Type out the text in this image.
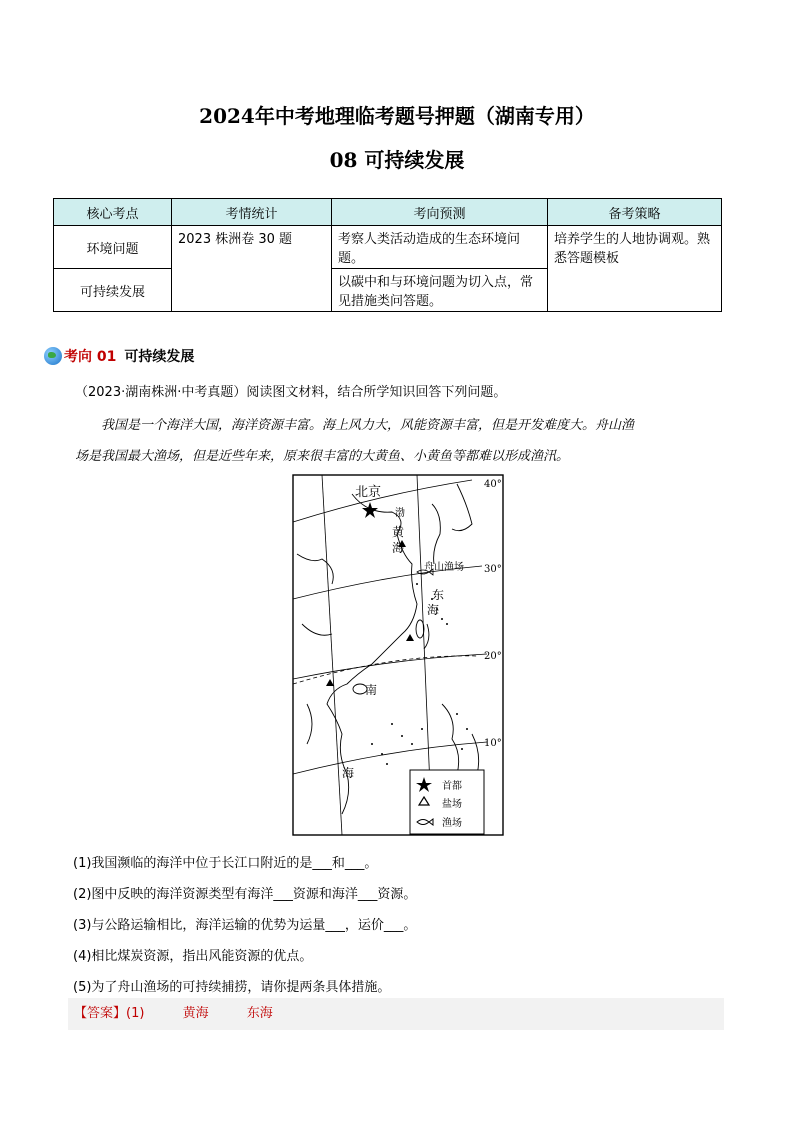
2024年中考地理临考题号押题（湖南专用）
08 可持续发展
核心考点	考情统计	考向预测	备考策略
环境问题	2023 株洲卷 30 题	考察人类活动造成的生态环境问题。	培养学生的人地协调观。熟悉答题模板
可持续发展		以碳中和与环境问题为切入点，常见措施类问答题。	
考向 01 可持续发展
（2023·湖南株洲·中考真题）阅读图文材料，结合所学知识回答下列问题。
我国是一个海洋大国，海洋资源丰富。海上风力大，风能资源丰富，但是开发难度大。舟山渔
场是我国最大渔场，但是近些年来，原来很丰富的大黄鱼、小黄鱼等都难以形成渔汛。
北京
渤
黄
海
舟山渔场
东
海
南
海
40°
30°
20°
10°
首都
盐场
渔场
(1)我国濒临的海洋中位于长江口附近的是___和___。
(2)图中反映的海洋资源类型有海洋___资源和海洋___资源。
(3)与公路运输相比，海洋运输的优势为运量___，运价___。
(4)相比煤炭资源，指出风能资源的优点。
(5)为了舟山渔场的可持续捕捞，请你提两条具体措施。
【答案】(1)	黄海	东海
